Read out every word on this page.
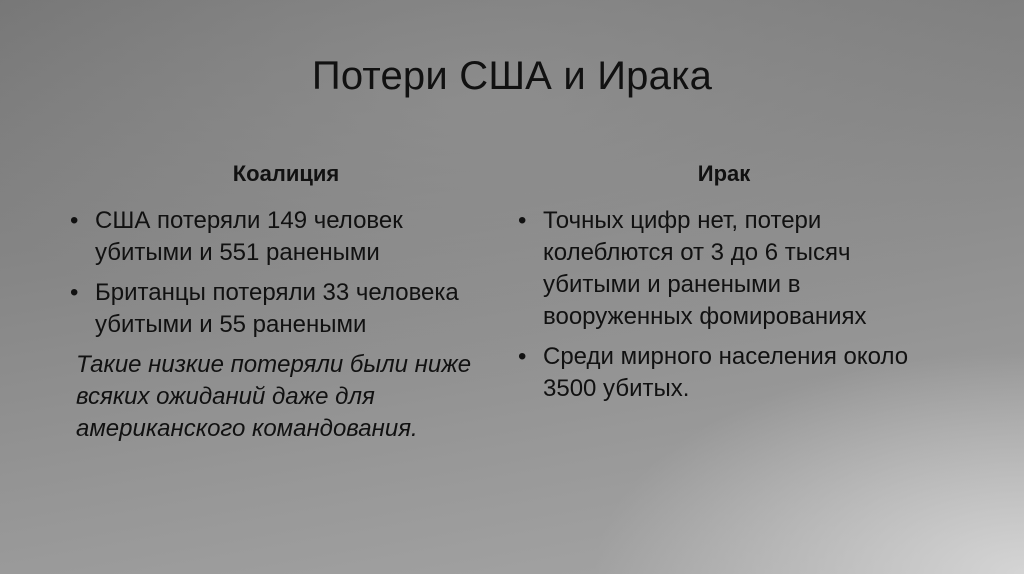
Потери США и Ирака
Коалиция
• США потеряли 149 человек убитыми и 551 ранеными
• Британцы потеряли 33 человека убитыми и 55 ранеными

Такие низкие потеряли были ниже всяких ожиданий даже для американского командования.

Ирак
• Точных цифр нет, потери колеблются от 3 до 6 тысяч убитыми и ранеными в вооруженных фомированиях
• Среди мирного населения около 3500 убитых.
